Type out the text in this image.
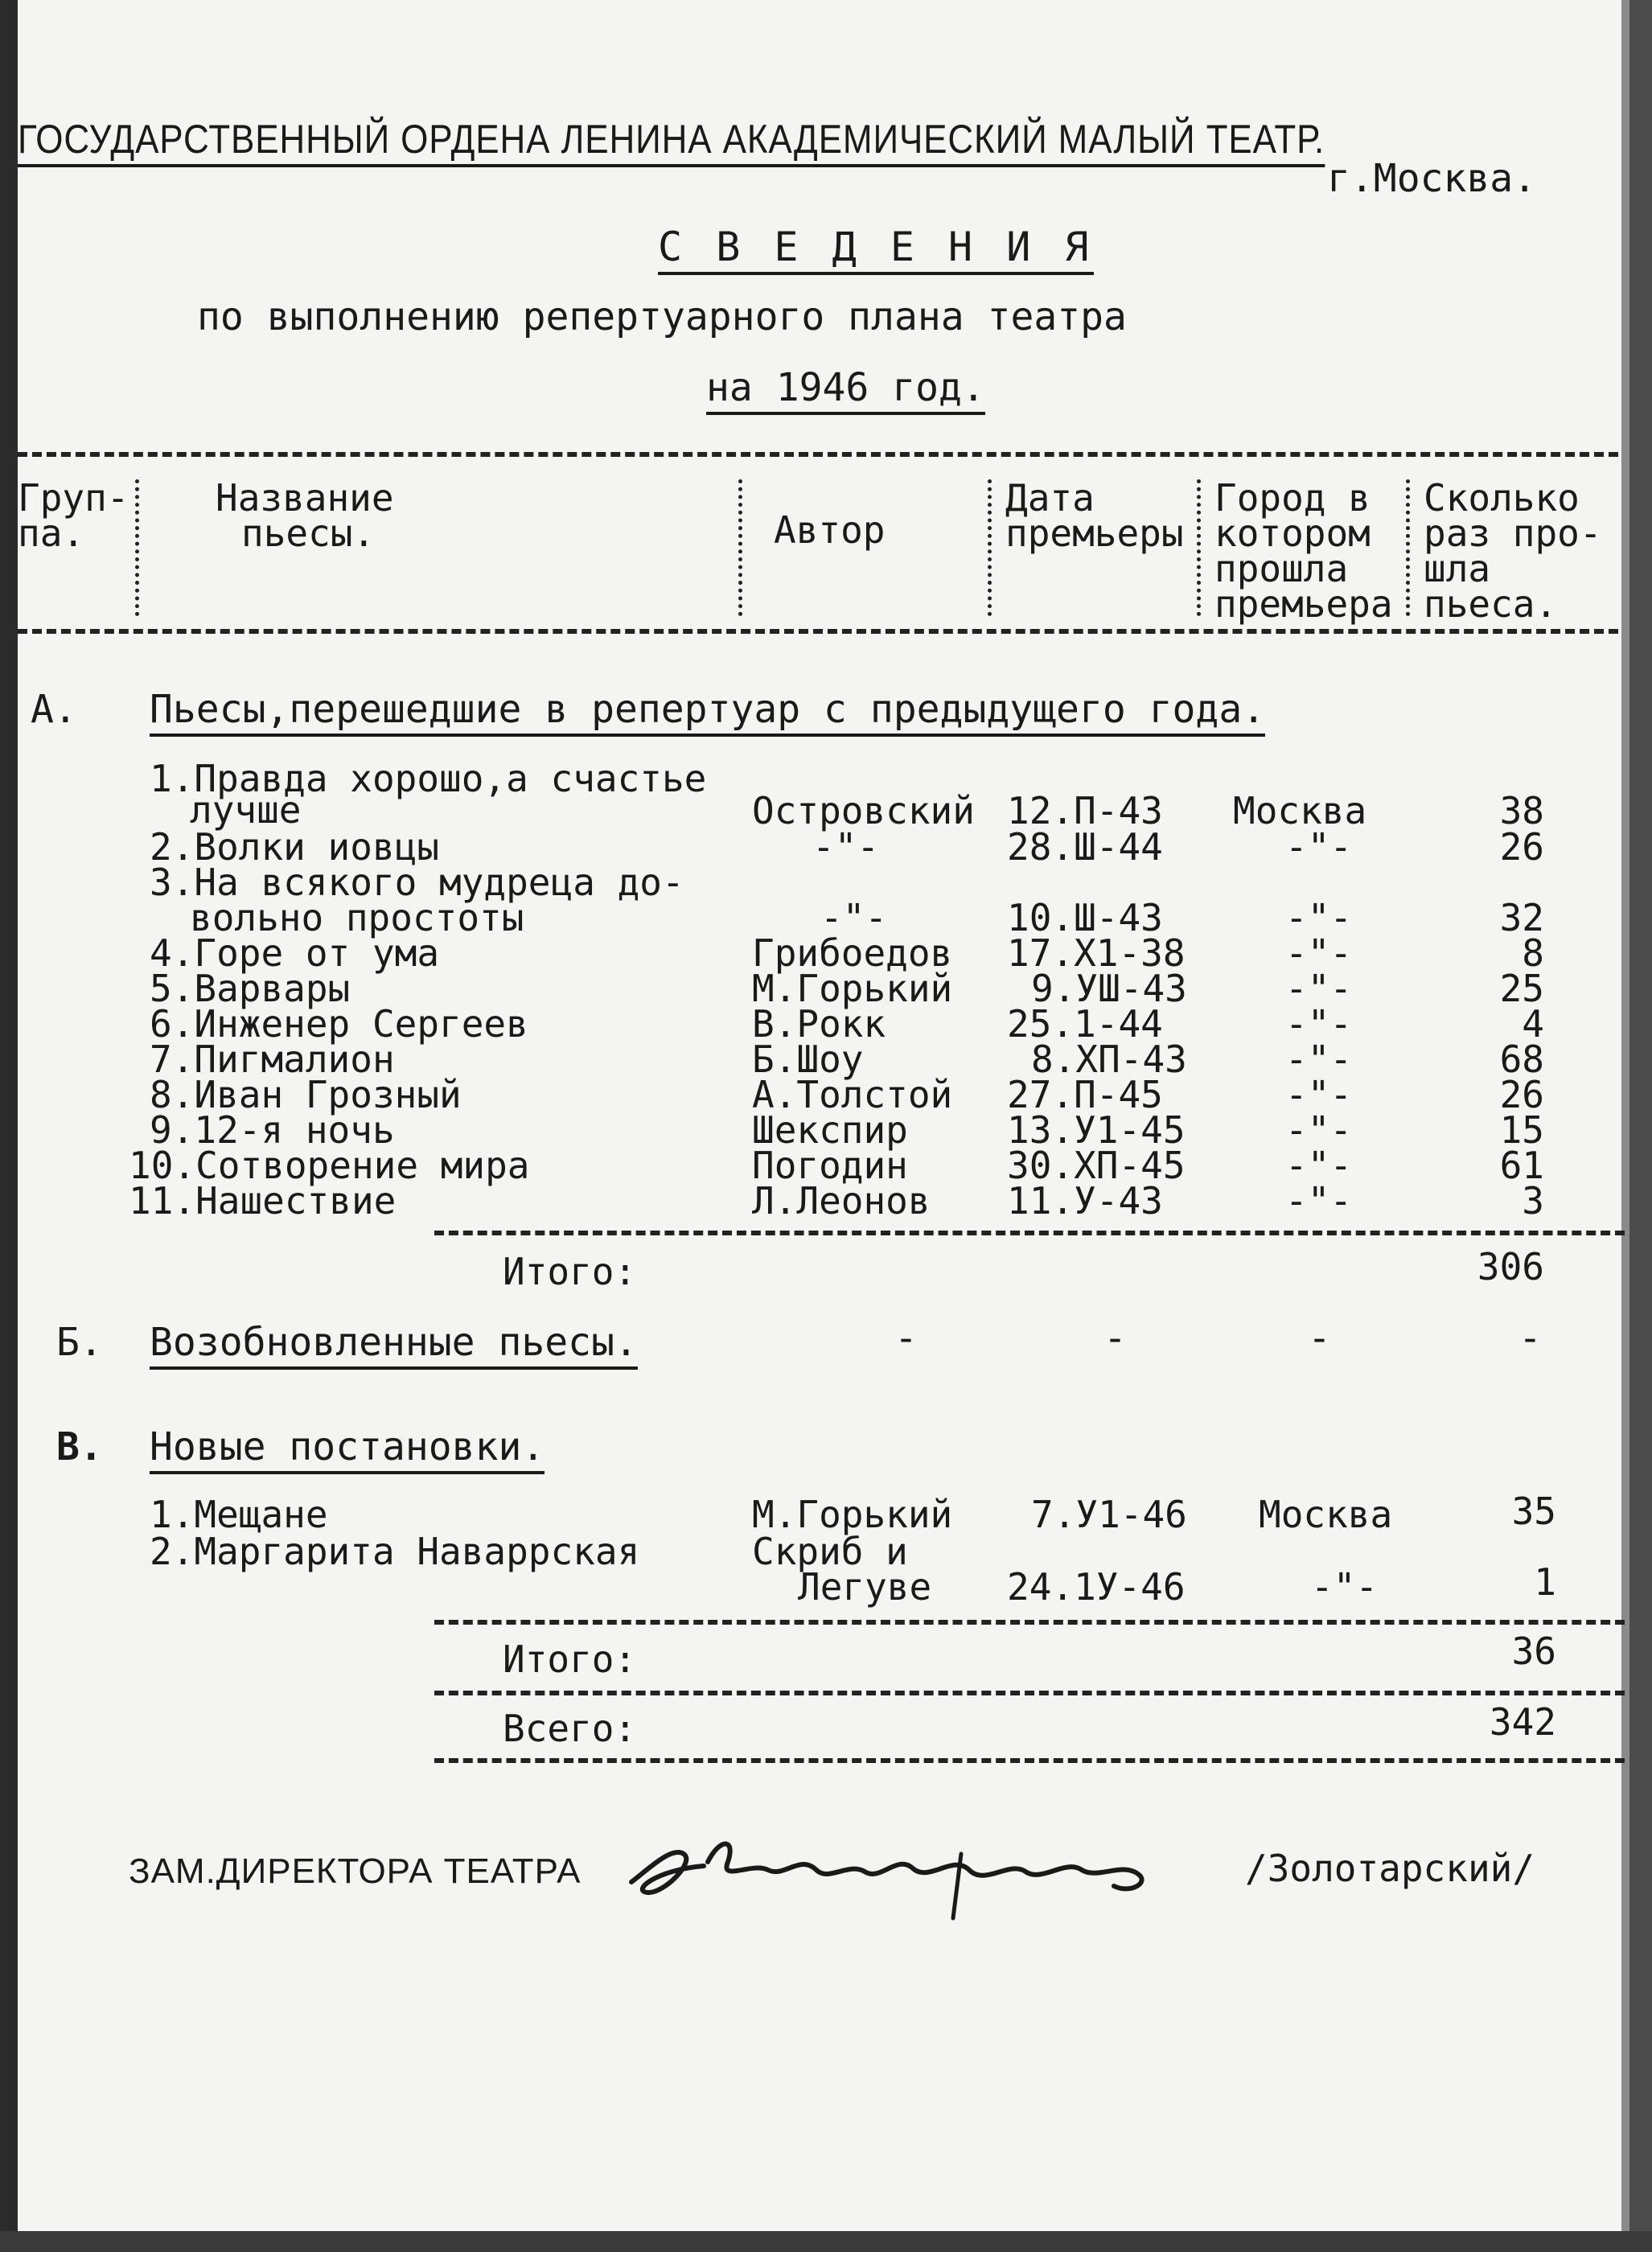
ГОСУДАРСТВЕННЫЙ ОРДЕНА ЛЕНИНА АКАДЕМИЧЕСКИЙ МАЛЫЙ ТЕАТР.
г.Москва.
С В Е Д Е Н И Я
по выполнению репертуарного плана театра
на 1946 год.
Груп-
па.
Название
пьесы.	Автор
Дата
премьеры
Город в
котором
прошла
премьера
Сколько
раз про-
шла
пьеса.
А. Пьесы,перешедшие в репертуар с предыдущего года.
1.Правда хорошо,а счастье
лучше	Островский 12.П-43 Москва	38
2.Волки иовцы	-"-	28.Ш-44	-"-	26
3.На всякого мудреца до-
вольно простоты	-"-	10.Ш-43	-"-	32
4.Горе от ума	Грибоедов 17.Х1-38	-"-	8
5.Варвары	М.Горький 9.УШ-43	-"-	25
6.Инженер Сергеев	В.Рокк	25.1-44	-"-	4
7.Пигмалион	Б.Шоу	8.ХП-43	-"-	68
8.Иван Грозный	А.Толстой 27.П-45	-"-	26
9.12-я ночь	Шекспир	13.У1-45	-"-	15
10.Сотворение мира	Погодин	30.ХП-45	-"-	61
11.Нашествие	Л.Леонов 11.У-43	-"-	3
Итого:	306
Б. Возобновленные пьесы.	-	-	-	-
В. Новые постановки.
1.Мещане	М.Горький 7.У1-46 Москва	35
2.Маргарита Наваррская	Скриб и
Легуве 24.1У-46	-"-	1
Итого:	36
Всего:	342
ЗАМ.ДИРЕКТОРА ТЕАТРА	/Золотарский/
